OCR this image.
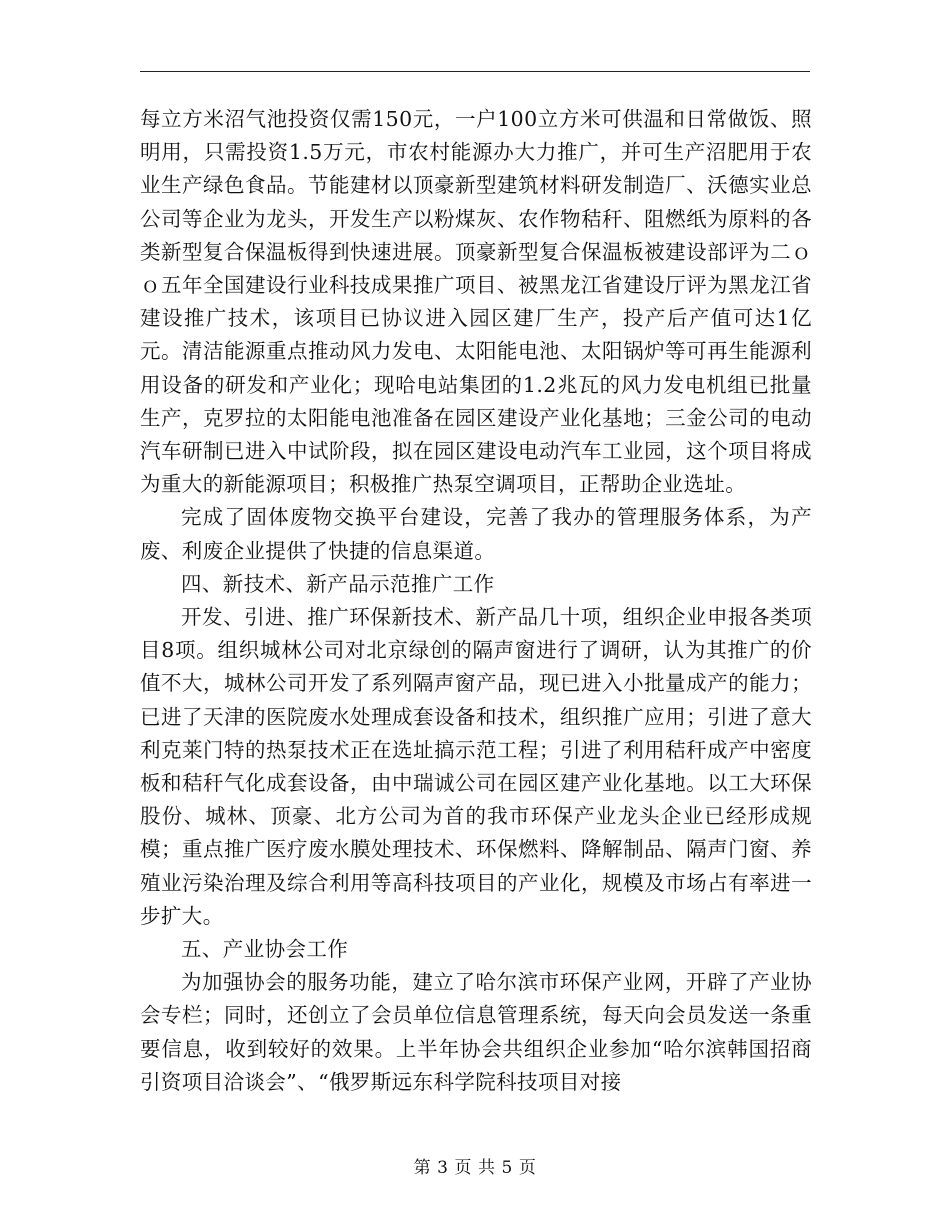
每立方米沼气池投资仅需150元，一户100立方米可供温和日常做饭、照明用，只需投资1.5万元，市农村能源办大力推广，并可生产沼肥用于农业生产绿色食品。节能建材以顶豪新型建筑材料研发制造厂、沃德实业总公司等企业为龙头，开发生产以粉煤灰、农作物秸秆、阻燃纸为原料的各类新型复合保温板得到快速进展。顶豪新型复合保温板被建设部评为二ｏｏ五年全国建设行业科技成果推广项目、被黑龙江省建设厅评为黑龙江省建设推广技术，该项目已协议进入园区建厂生产，投产后产值可达1亿元。清洁能源重点推动风力发电、太阳能电池、太阳锅炉等可再生能源利用设备的研发和产业化；现哈电站集团的1.2兆瓦的风力发电机组已批量生产，克罗拉的太阳能电池准备在园区建设产业化基地；三金公司的电动汽车研制已进入中试阶段，拟在园区建设电动汽车工业园，这个项目将成为重大的新能源项目；积极推广热泵空调项目，正帮助企业选址。

完成了固体废物交换平台建设，完善了我办的管理服务体系，为产废、利废企业提供了快捷的信息渠道。

四、新技术、新产品示范推广工作

开发、引进、推广环保新技术、新产品几十项，组织企业申报各类项目8项。组织城林公司对北京绿创的隔声窗进行了调研，认为其推广的价值不大，城林公司开发了系列隔声窗产品，现已进入小批量成产的能力；已进了天津的医院废水处理成套设备和技术，组织推广应用；引进了意大利克莱门特的热泵技术正在选址搞示范工程；引进了利用秸秆成产中密度板和秸秆气化成套设备，由中瑞诚公司在园区建产业化基地。以工大环保股份、城林、顶豪、北方公司为首的我市环保产业龙头企业已经形成规模；重点推广医疗废水膜处理技术、环保燃料、降解制品、隔声门窗、养殖业污染治理及综合利用等高科技项目的产业化，规模及市场占有率进一步扩大。

五、产业协会工作

为加强协会的服务功能，建立了哈尔滨市环保产业网，开辟了产业协会专栏；同时，还创立了会员单位信息管理系统，每天向会员发送一条重要信息，收到较好的效果。上半年协会共组织企业参加“哈尔滨韩国招商引资项目洽谈会”、“俄罗斯远东科学院科技项目对接

第 3 页 共 5 页
